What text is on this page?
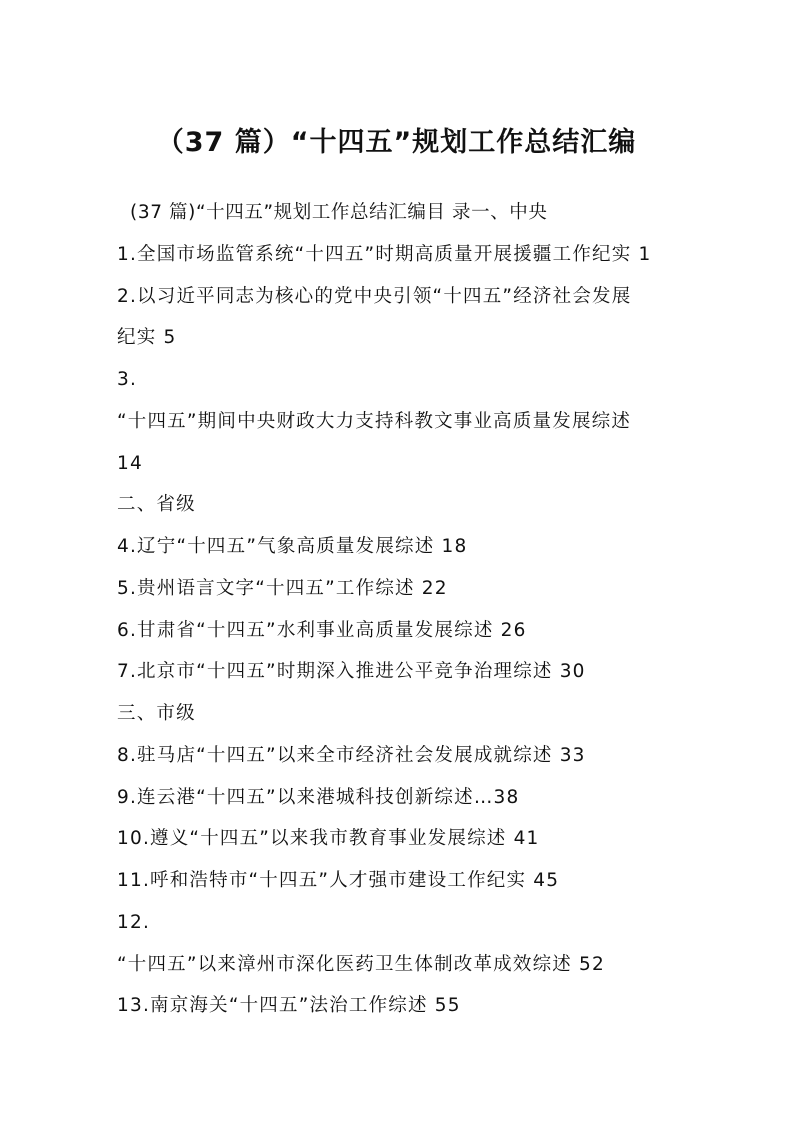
（37 篇）“十四五”规划工作总结汇编
(37 篇)“十四五”规划工作总结汇编目 录一、中央
1.全国市场监管系统“十四五”时期高质量开展援疆工作纪实 1
2.以习近平同志为核心的党中央引领“十四五”经济社会发展
纪实 5
3.
“十四五”期间中央财政大力支持科教文事业高质量发展综述
14
二、省级
4.辽宁“十四五”气象高质量发展综述 18
5.贵州语言文字“十四五”工作综述 22
6.甘肃省“十四五”水利事业高质量发展综述 26
7.北京市“十四五”时期深入推进公平竞争治理综述 30
三、市级
8.驻马店“十四五”以来全市经济社会发展成就综述 33
9.连云港“十四五”以来港城科技创新综述…38
10.遵义“十四五”以来我市教育事业发展综述 41
11.呼和浩特市“十四五”人才强市建设工作纪实 45
12.
“十四五”以来漳州市深化医药卫生体制改革成效综述 52
13.南京海关“十四五”法治工作综述 55
